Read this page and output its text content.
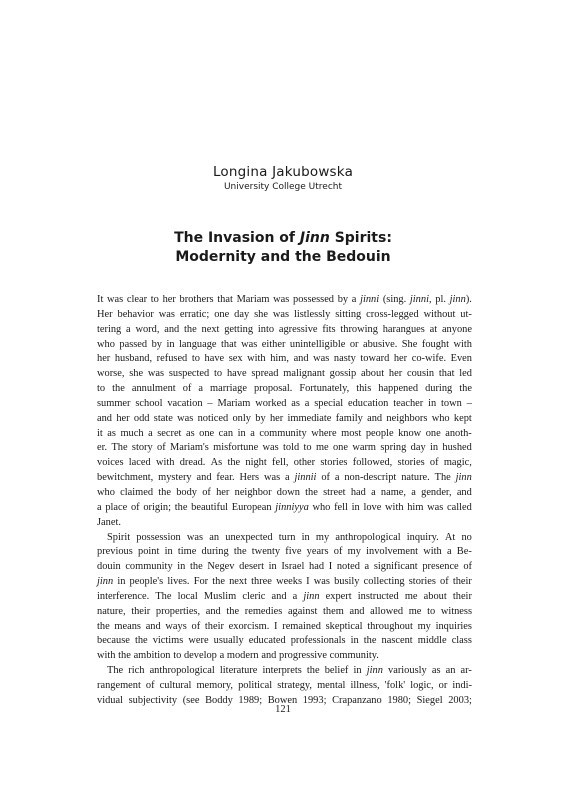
Longina Jakubowska
University College Utrecht
The Invasion of Jinn Spirits:
Modernity and the Bedouin
It was clear to her brothers that Mariam was possessed by a jinni (sing. jinni, pl. jinn).
Her behavior was erratic; one day she was listlessly sitting cross-legged without ut-
tering a word, and the next getting into agressive fits throwing harangues at anyone
who passed by in language that was either unintelligible or abusive. She fought with
her husband, refused to have sex with him, and was nasty toward her co-wife. Even
worse, she was suspected to have spread malignant gossip about her cousin that led
to the annulment of a marriage proposal. Fortunately, this happened during the
summer school vacation – Mariam worked as a special education teacher in town –
and her odd state was noticed only by her immediate family and neighbors who kept
it as much a secret as one can in a community where most people know one anoth-
er. The story of Mariam's misfortune was told to me one warm spring day in hushed
voices laced with dread. As the night fell, other stories followed, stories of magic,
bewitchment, mystery and fear. Hers was a jinnii of a non-descript nature. The jinn
who claimed the body of her neighbor down the street had a name, a gender, and
a place of origin; the beautiful European jinniyya who fell in love with him was called
Janet.
Spirit possession was an unexpected turn in my anthropological inquiry. At no
previous point in time during the twenty five years of my involvement with a Be-
douin community in the Negev desert in Israel had I noted a significant presence of
jinn in people's lives. For the next three weeks I was busily collecting stories of their
interference. The local Muslim cleric and a jinn expert instructed me about their
nature, their properties, and the remedies against them and allowed me to witness
the means and ways of their exorcism. I remained skeptical throughout my inquiries
because the victims were usually educated professionals in the nascent middle class
with the ambition to develop a modern and progressive community.
The rich anthropological literature interprets the belief in jinn variously as an ar-
rangement of cultural memory, political strategy, mental illness, 'folk' logic, or indi-
vidual subjectivity (see Boddy 1989; Bowen 1993; Crapanzano 1980; Siegel 2003;
121
